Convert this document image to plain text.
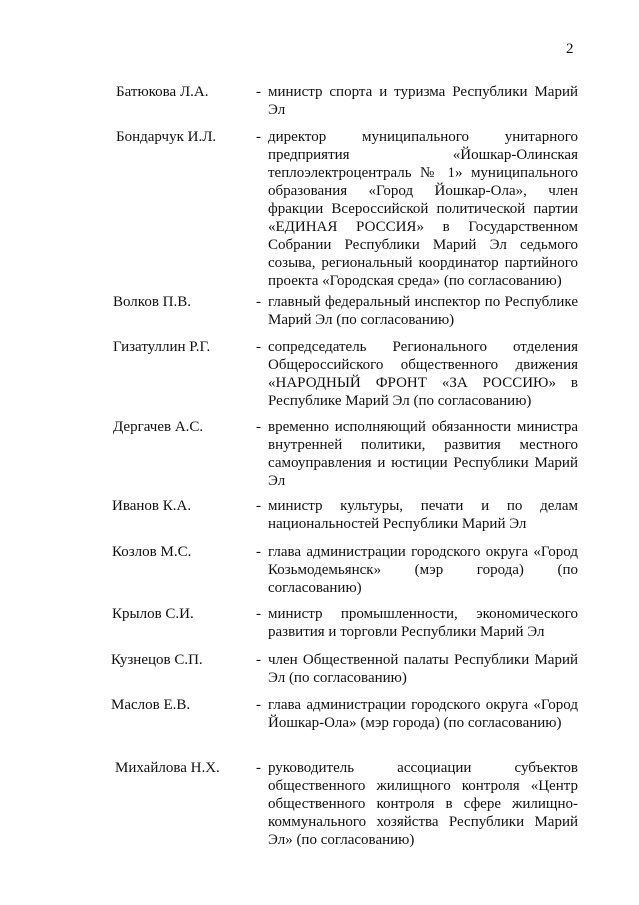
2
Батюкова Л.А.	- министр спорта и туризма Республики Марий Эл
Бондарчук И.Л.	- директор муниципального унитарного предприятия «Йошкар-Олинская теплоэлектроцентраль № 1» муниципального образования «Город Йошкар-Ола», член фракции Всероссийской политической партии «ЕДИНАЯ РОССИЯ» в Государственном Собрании Республики Марий Эл седьмого созыва, региональный координатор партийного проекта «Городская среда» (по согласованию)
Волков П.В.	- главный федеральный инспектор по Республике Марий Эл (по согласованию)
Гизатуллин Р.Г.	- сопредседатель Регионального отделения Общероссийского общественного движения «НАРОДНЫЙ ФРОНТ «ЗА РОССИЮ» в Республике Марий Эл (по согласованию)
Дергачев А.С.	- временно исполняющий обязанности министра внутренней политики, развития местного самоуправления и юстиции Республики Марий Эл
Иванов К.А.	- министр культуры, печати и по делам национальностей Республики Марий Эл
Козлов М.С.	- глава администрации городского округа «Город Козьмодемьянск» (мэр города) (по согласованию)
Крылов С.И.	- министр промышленности, экономического развития и торговли Республики Марий Эл
Кузнецов С.П.	- член Общественной палаты Республики Марий Эл (по согласованию)
Маслов Е.В.	- глава администрации городского округа «Город Йошкар-Ола» (мэр города) (по согласованию)
Михайлова Н.Х. - руководитель ассоциации субъектов общественного жилищного контроля «Центр общественного контроля в сфере жилищно-коммунального хозяйства Республики Марий Эл» (по согласованию)
